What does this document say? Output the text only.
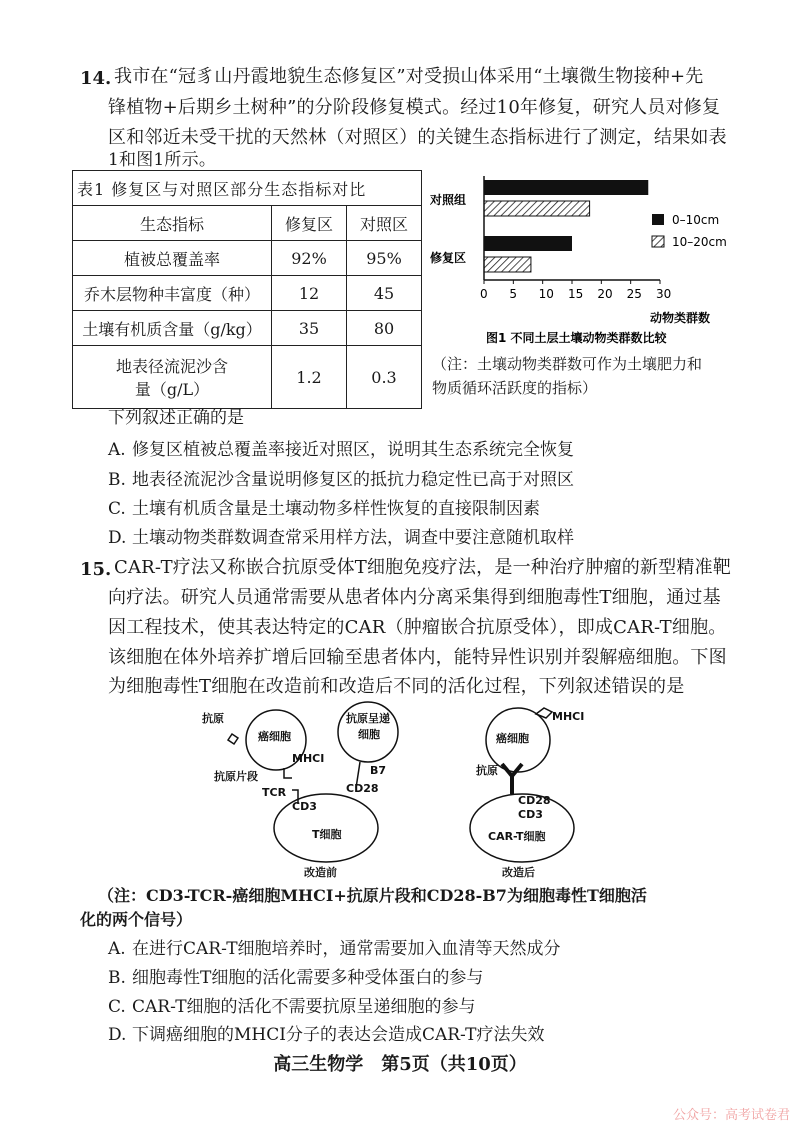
14. 我市在“冠豸山丹霞地貌生态修复区”对受损山体采用“土壤微生物接种+先
锋植物+后期乡土树种”的分阶段修复模式。经过10年修复，研究人员对修复
区和邻近未受干扰的天然林（对照区）的关键生态指标进行了测定，结果如表
1和图1所示。
表1 修复区与对照区部分生态指标对比		
生态指标	修复区	对照区
植被总覆盖率	92%	95%
乔木层物种丰富度（种）	12	45
土壤有机质含量（g/kg）	35	80
地表径流泥沙含量（g/L）	1.2	0.3
0 5 10 15 20 25 30
对照组
修复区
0–10cm
10–20cm
动物类群数
图1 不同土层土壤动物类群数比较
（注：土壤动物类群数可作为土壤肥力和
物质循环活跃度的指标）
下列叙述正确的是
A. 修复区植被总覆盖率接近对照区，说明其生态系统完全恢复
B. 地表径流泥沙含量说明修复区的抵抗力稳定性已高于对照区
C. 土壤有机质含量是土壤动物多样性恢复的直接限制因素
D. 土壤动物类群数调查常采用样方法，调查中要注意随机取样
15. CAR-T疗法又称嵌合抗原受体T细胞免疫疗法，是一种治疗肿瘤的新型精准靶
向疗法。研究人员通常需要从患者体内分离采集得到细胞毒性T细胞，通过基
因工程技术，使其表达特定的CAR（肿瘤嵌合抗原受体），即成CAR-T细胞。
该细胞在体外培养扩增后回输至患者体内，能特异性识别并裂解癌细胞。下图
为细胞毒性T细胞在改造前和改造后不同的活化过程，下列叙述错误的是
癌细胞
抗原
MHCI
抗原片段
抗原呈递
细胞
B7
TCR	CD28
CD3
T细胞
改造前
癌细胞
MHCI
抗原
CD28
CD3
CAR-T细胞
改造后
（注：CD3-TCR-癌细胞MHCⅠ+抗原片段和CD28-B7为细胞毒性T细胞活
化的两个信号）
A. 在进行CAR-T细胞培养时，通常需要加入血清等天然成分
B. 细胞毒性T细胞的活化需要多种受体蛋白的参与
C. CAR-T细胞的活化不需要抗原呈递细胞的参与
D. 下调癌细胞的MHCⅠ分子的表达会造成CAR-T疗法失效
高三生物学　第5页（共10页）
公众号：高考试卷君
